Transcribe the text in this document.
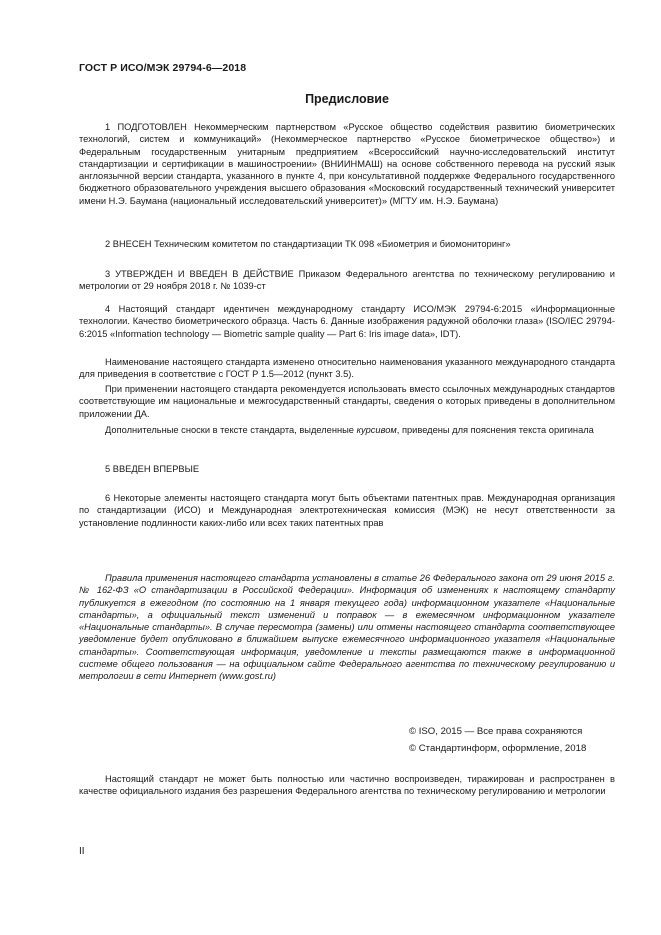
ГОСТ Р ИСО/МЭК 29794-6—2018
Предисловие

1 ПОДГОТОВЛЕН Некоммерческим партнерством «Русское общество содействия развитию биометрических технологий, систем и коммуникаций» (Некоммерческое партнерство «Русское биометрическое общество») и Федеральным государственным унитарным предприятием «Всероссийский научно-исследовательский институт стандартизации и сертификации в машиностроении» (ВНИИНМАШ) на основе собственного перевода на русский язык англоязычной версии стандарта, указанного в пункте 4, при консультативной поддержке Федерального государственного бюджетного образовательного учреждения высшего образования «Московский государственный технический университет имени Н.Э. Баумана (национальный исследовательский университет)» (МГТУ им. Н.Э. Баумана)

2 ВНЕСЕН Техническим комитетом по стандартизации ТК 098 «Биометрия и биомониторинг»

3 УТВЕРЖДЕН И ВВЕДЕН В ДЕЙСТВИЕ Приказом Федерального агентства по техническому регулированию и метрологии от 29 ноября 2018 г. № 1039-ст

4 Настоящий стандарт идентичен международному стандарту ИСО/МЭК 29794-6:2015 «Информационные технологии. Качество биометрического образца. Часть 6. Данные изображения радужной оболочки глаза» (ISO/IEC 29794-6:2015 «Information technology — Biometric sample quality — Part 6: Iris image data», IDT).

Наименование настоящего стандарта изменено относительно наименования указанного международного стандарта для приведения в соответствие с ГОСТ Р 1.5—2012 (пункт 3.5).

При применении настоящего стандарта рекомендуется использовать вместо ссылочных международных стандартов соответствующие им национальные и межгосударственный стандарты, сведения о которых приведены в дополнительном приложении ДА.

Дополнительные сноски в тексте стандарта, выделенные курсивом, приведены для пояснения текста оригинала

5 ВВЕДЕН ВПЕРВЫЕ

6 Некоторые элементы настоящего стандарта могут быть объектами патентных прав. Международная организация по стандартизации (ИСО) и Международная электротехническая комиссия (МЭК) не несут ответственности за установление подлинности каких-либо или всех таких патентных прав

Правила применения настоящего стандарта установлены в статье 26 Федерального закона от 29 июня 2015 г. № 162-ФЗ «О стандартизации в Российской Федерации». Информация об изменениях к настоящему стандарту публикуется в ежегодном (по состоянию на 1 января текущего года) информационном указателе «Национальные стандарты», а официальный текст изменений и поправок — в ежемесячном информационном указателе «Национальные стандарты». В случае пересмотра (замены) или отмены настоящего стандарта соответствующее уведомление будет опубликовано в ближайшем выпуске ежемесячного информационного указателя «Национальные стандарты». Соответствующая информация, уведомление и тексты размещаются также в информационной системе общего пользования — на официальном сайте Федерального агентства по техническому регулированию и метрологии в сети Интернет (www.gost.ru)

© ISO, 2015 — Все права сохраняются
© Стандартинформ, оформление, 2018

Настоящий стандарт не может быть полностью или частично воспроизведен, тиражирован и распространен в качестве официального издания без разрешения Федерального агентства по техническому регулированию и метрологии

II
